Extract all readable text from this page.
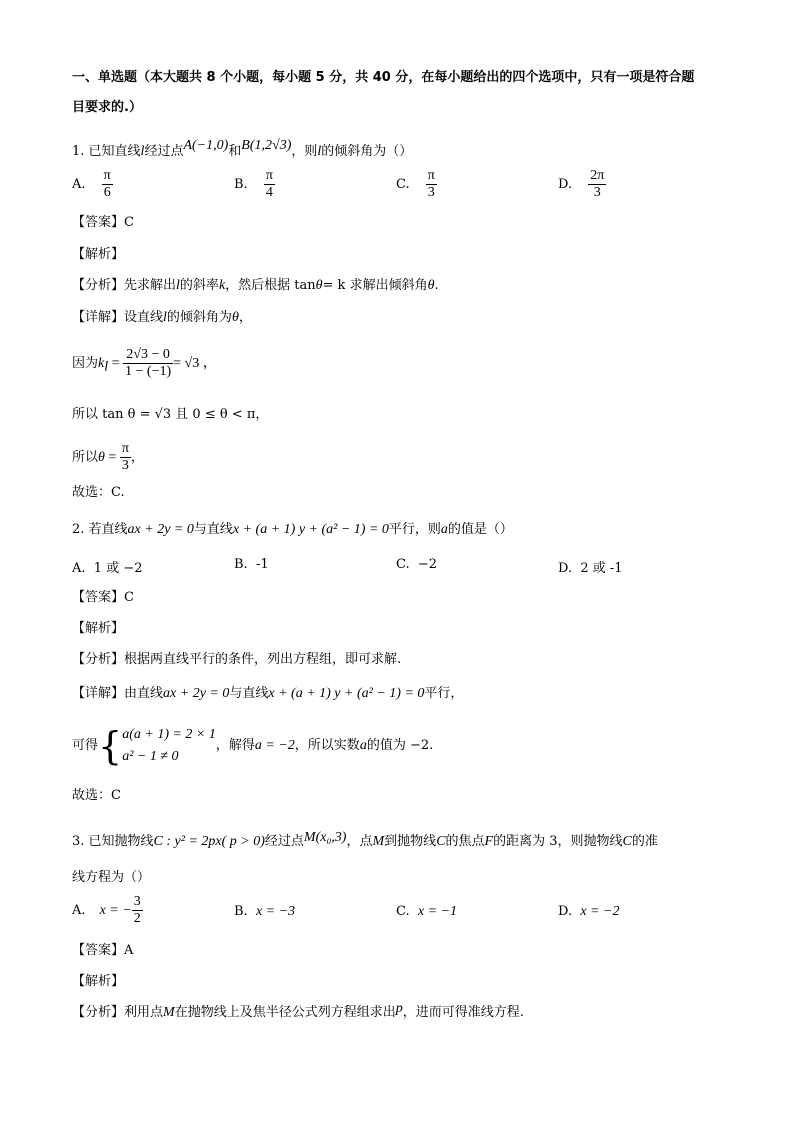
一、单选题（本大题共 8 个小题，每小题 5 分，共 40 分，在每小题给出的四个选项中，只有一项是符合题
目要求的.）
1. 已知直线l经过点A(−1,0)和B(1,2√3)，则l的倾斜角为（）
A. $\frac{\pi}{6}$	B. $\frac{\pi}{4}$	C. $\frac{\pi}{3}$	D. $\frac{2\pi}{3}$
【答案】C
【解析】
【分析】先求解出l的斜率k，然后根据 tanθ= k 求解出倾斜角θ.
【详解】设直线l的倾斜角为θ，
因为$k_l = \frac{2√3 - 0}{1 - (-1)} = √3$ ，
所以 tan θ = √3 且 0 ≤ θ < π，
所以$\theta = \frac{\pi}{3}$ ，
故选：C.
2. 若直线ax + 2y = 0与直线x + (a + 1) y + (a² − 1) = 0平行，则a的值是（）
A. 1 或 −2	B. -1	C. −2	D. 2 或 -1
【答案】C
【解析】
【分析】根据两直线平行的条件，列出方程组，即可求解.
【详解】由直线ax + 2y = 0与直线x + (a + 1) y + (a² − 1) = 0平行，
可得{ a(a + 1) = 2 × 1
a² − 1 ≠ 0
，解得a = −2，所以实数a的值为 −2.
故选：C
3. 已知抛物线C : y² = 2px( p > 0)经过点M(x₀,3)，点M到抛物线C的焦点F的距离为 3，则抛物线C的准
线方程为（）
A. x = − $\frac{3}{2}$	B. x = −3	C. x = −1	D. x = −2
【答案】A
【解析】
【分析】利用点M在抛物线上及焦半径公式列方程组求出p，进而可得准线方程.
